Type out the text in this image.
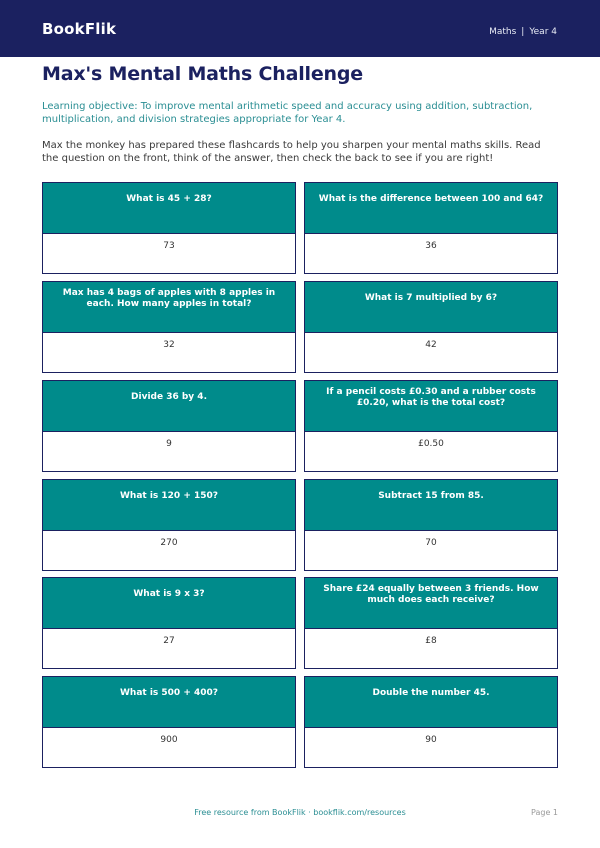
BookFlik	Maths | Year 4
Max's Mental Maths Challenge

Learning objective: To improve mental arithmetic speed and accuracy using addition, subtraction, multiplication, and division strategies appropriate for Year 4.

Max the monkey has prepared these flashcards to help you sharpen your mental maths skills. Read the question on the front, think of the answer, then check the back to see if you are right!

What is 45 + 28?
73
What is the difference between 100 and 64?
36
Max has 4 bags of apples with 8 apples in each. How many apples in total?
32
What is 7 multiplied by 6?
42
Divide 36 by 4.
9
If a pencil costs £0.30 and a rubber costs £0.20, what is the total cost?
£0.50
What is 120 + 150?
270
Subtract 15 from 85.
70
What is 9 x 3?
27
Share £24 equally between 3 friends. How much does each receive?
£8
What is 500 + 400?
900
Double the number 45.
90
Free resource from BookFlik · bookflik.com/resources	Page 1
